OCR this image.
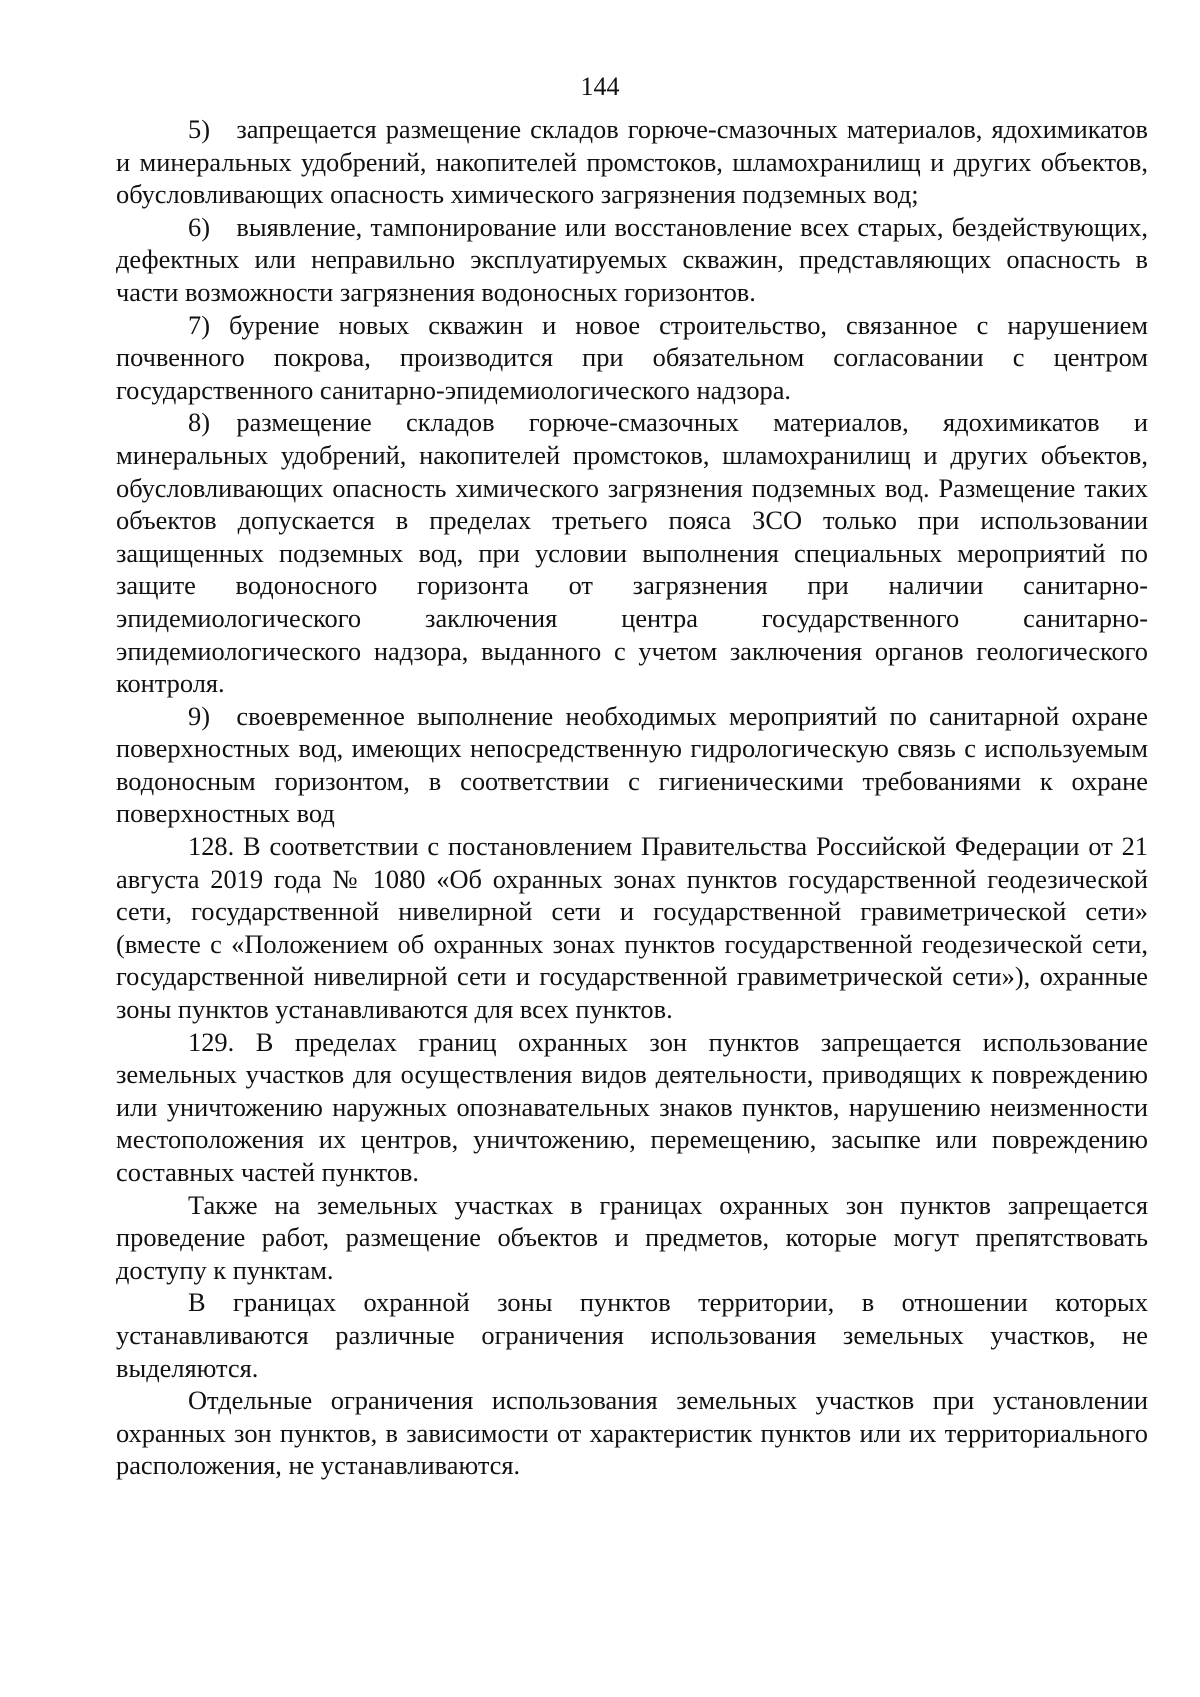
144

5) запрещается размещение складов горюче-смазочных материалов, ядохимикатов и минеральных удобрений, накопителей промстоков, шламохранилищ и других объектов, обусловливающих опасность химического загрязнения подземных вод;

6) выявление, тампонирование или восстановление всех старых, бездействующих, дефектных или неправильно эксплуатируемых скважин, представляющих опасность в части возможности загрязнения водоносных горизонтов.

7) бурение новых скважин и новое строительство, связанное с нарушением почвенного покрова, производится при обязательном согласовании с центром государственного санитарно-эпидемиологического надзора.

8) размещение складов горюче-смазочных материалов, ядохимикатов и минеральных удобрений, накопителей промстоков, шламохранилищ и других объектов, обусловливающих опасность химического загрязнения подземных вод. Размещение таких объектов допускается в пределах третьего пояса ЗСО только при использовании защищенных подземных вод, при условии выполнения специальных мероприятий по защите водоносного горизонта от загрязнения при наличии санитарно-эпидемиологического заключения центра государственного санитарно-эпидемиологического надзора, выданного с учетом заключения органов геологического контроля.

9) своевременное выполнение необходимых мероприятий по санитарной охране поверхностных вод, имеющих непосредственную гидрологическую связь с используемым водоносным горизонтом, в соответствии с гигиеническими требованиями к охране поверхностных вод

128. В соответствии с постановлением Правительства Российской Федерации от 21 августа 2019 года № 1080 «Об охранных зонах пунктов государственной геодезической сети, государственной нивелирной сети и государственной гравиметрической сети» (вместе с «Положением об охранных зонах пунктов государственной геодезической сети, государственной нивелирной сети и государственной гравиметрической сети»), охранные зоны пунктов устанавливаются для всех пунктов.

129. В пределах границ охранных зон пунктов запрещается использование земельных участков для осуществления видов деятельности, приводящих к повреждению или уничтожению наружных опознавательных знаков пунктов, нарушению неизменности местоположения их центров, уничтожению, перемещению, засыпке или повреждению составных частей пунктов.

Также на земельных участках в границах охранных зон пунктов запрещается проведение работ, размещение объектов и предметов, которые могут препятствовать доступу к пунктам.

В границах охранной зоны пунктов территории, в отношении которых устанавливаются различные ограничения использования земельных участков, не выделяются.

Отдельные ограничения использования земельных участков при установлении охранных зон пунктов, в зависимости от характеристик пунктов или их территориального расположения, не устанавливаются.
